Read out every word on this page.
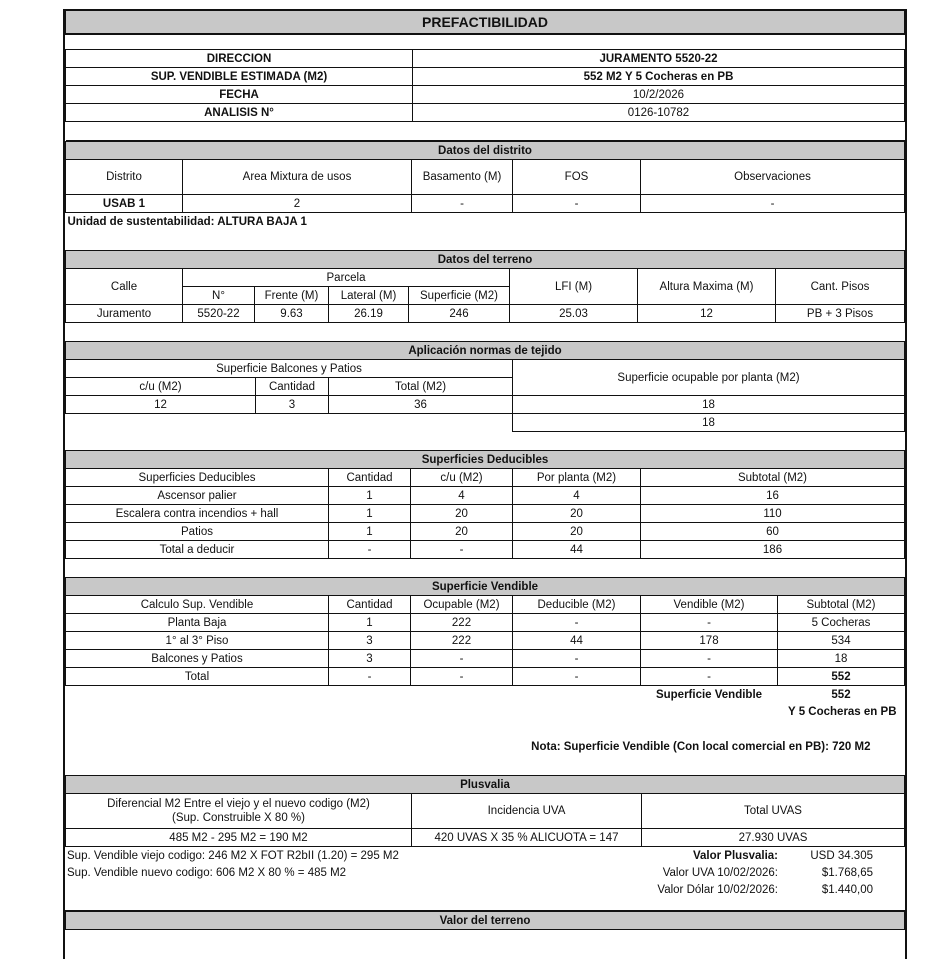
PREFACTIBILIDAD	

DIRECCION	JURAMENTO 5520-22
SUP. VENDIBLE ESTIMADA (M2)	552 M2 Y 5 Cocheras en PB
FECHA	10/2/2026
ANALISIS N°	0126-10782

Datos del distrito				
Distrito	Area Mixtura de usos	Basamento (M)	FOS	Observaciones
USAB 1	2	-	-	-
Unidad de sustentabilidad: ALTURA BAJA 1				

Datos del terreno							
Calle	Parcela				LFI (M)	Altura Maxima (M)	Cant. Pisos
	N°	Frente (M)	Lateral (M)	Superficie (M2)			
Juramento	5520-22	9.63	26.19	246	25.03	12	PB + 3 Pisos

Aplicación normas de tejido			
Superficie Balcones y Patios			Superficie ocupable por planta (M2)
c/u (M2)	Cantidad	Total (M2)	
12	3	36	18
			18

Superficies Deducibles				
Superficies Deducibles	Cantidad	c/u (M2)	Por planta (M2)	Subtotal (M2)
Ascensor palier	1	4	4	16
Escalera contra incendios + hall	1	20	20	110
Patios	1	20	20	60
Total a deducir	-	-	44	186

Superficie Vendible					
Calculo Sup. Vendible	Cantidad	Ocupable (M2)	Deducible (M2)	Vendible (M2)	Subtotal (M2)
Planta Baja	1	222	-	-	5 Cocheras
1° al 3° Piso	3	222	44	178	534
Balcones y Patios	3	-	-	-	18
Total	-	-	-	-	552
				Superficie Vendible	552
Y 5 Cocheras en PB					

Nota: Superficie Vendible (Con local comercial en PB): 720 M2					

Plusvalia		

Diferencial M2 Entre el viejo y el nuevo codigo (M2)
(Sup. Construible X 80 %)	Incidencia UVA	Total UVAS
485 M2 - 295 M2 = 190 M2	420 UVAS X 35 % ALICUOTA = 147	27.930 UVAS
Sup. Vendible viejo codigo: 246 M2 X FOT R2bII (1.20) = 295 M2	Valor Plusvalia:	USD 34.305
Sup. Vendible nuevo codigo: 606 M2 X 80 % = 485 M2	Valor UVA 10/02/2026:	$1.768,65
	Valor Dólar 10/02/2026:	$1.440,00

Valor del terreno
